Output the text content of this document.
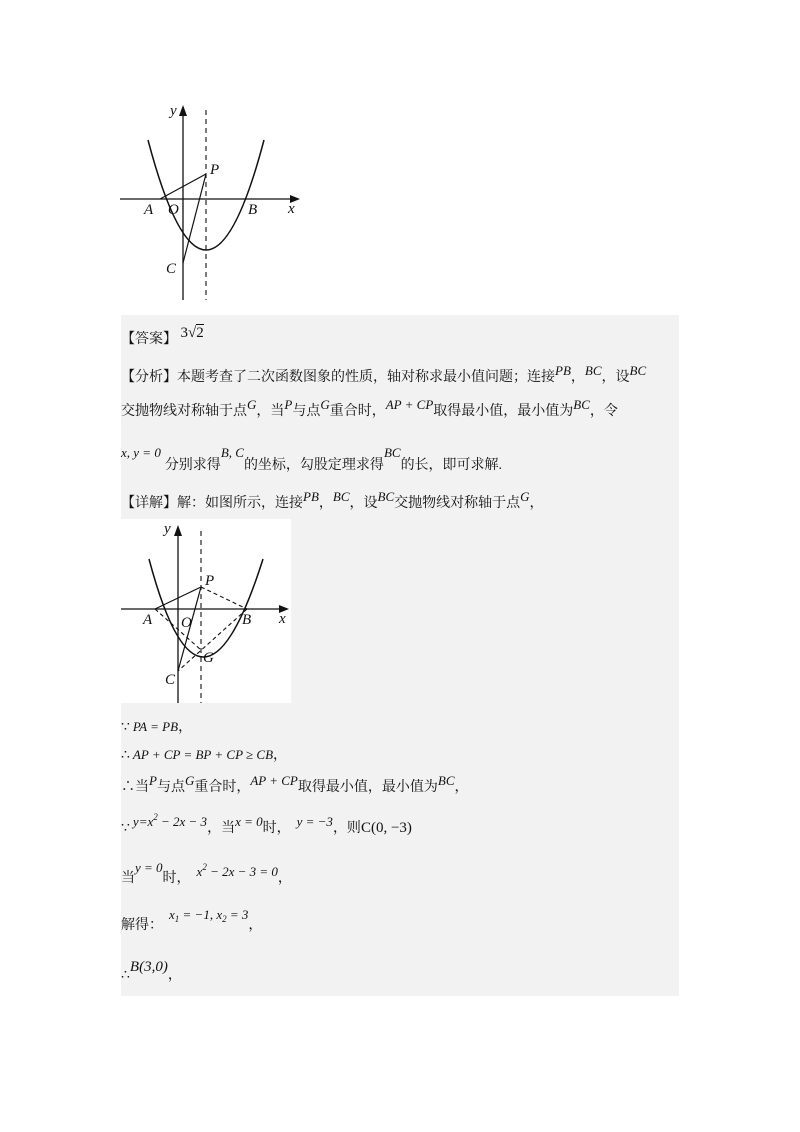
y
x
P
A O	B
C
【答案】 3√2
【分析】本题考查了二次函数图象的性质，轴对称求最小值问题；连接PB，BC，设BC
交抛物线对称轴于点G，当P与点G重合时，AP + CP取得最小值，最小值为BC，令
x, y = 0分别求得B, C的坐标，勾股定理求得BC的长，即可求解.
【详解】解：如图所示，连接PB，BC，设BC交抛物线对称轴于点G，
y
x
P
A O	B
G
C
∵ PA = PB，
∴ AP + CP = BP + CP ≥ CB，
∴当P与点G重合时，AP + CP取得最小值，最小值为BC，
∵ $y=x^2 - 2x - 3$，当x = 0时， y = −3，则C(0, −3)
当y = 0时， $x^2 - 2x - 3 = 0$，
解得：$x_1 = -1$, $x_2 = 3$，
∴B(3,0)，
